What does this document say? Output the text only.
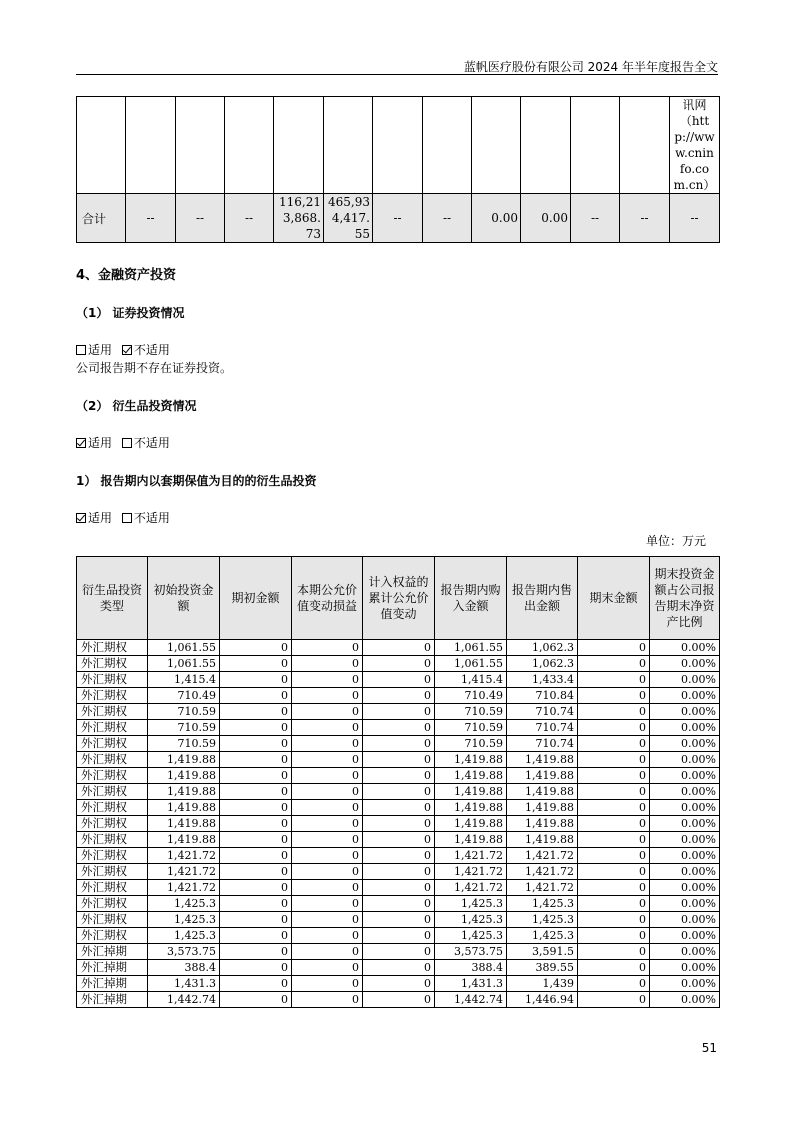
蓝帆医疗股份有限公司 2024 年半年度报告全文
												讯网（http://www.cninfo.com.cn）
合计	--	--	--	116,213,868.73	465,934,417.55	--	--	0.00	0.00	--	--	--
4、金融资产投资
（1） 证券投资情况
适用 不适用
公司报告期不存在证券投资。
（2） 衍生品投资情况
适用 不适用
1） 报告期内以套期保值为目的的衍生品投资
适用 不适用
单位：万元
衍生品投资类型	初始投资金额	期初金额	本期公允价值变动损益	计入权益的累计公允价值变动	报告期内购入金额	报告期内售出金额	期末金额	期末投资金额占公司报告期末净资产比例
外汇期权	1,061.55	0	0	0	1,061.55	1,062.3	0	0.00%
外汇期权	1,061.55	0	0	0	1,061.55	1,062.3	0	0.00%
外汇期权	1,415.4	0	0	0	1,415.4	1,433.4	0	0.00%
外汇期权	710.49	0	0	0	710.49	710.84	0	0.00%
外汇期权	710.59	0	0	0	710.59	710.74	0	0.00%
外汇期权	710.59	0	0	0	710.59	710.74	0	0.00%
外汇期权	710.59	0	0	0	710.59	710.74	0	0.00%
外汇期权	1,419.88	0	0	0	1,419.88	1,419.88	0	0.00%
外汇期权	1,419.88	0	0	0	1,419.88	1,419.88	0	0.00%
外汇期权	1,419.88	0	0	0	1,419.88	1,419.88	0	0.00%
外汇期权	1,419.88	0	0	0	1,419.88	1,419.88	0	0.00%
外汇期权	1,419.88	0	0	0	1,419.88	1,419.88	0	0.00%
外汇期权	1,419.88	0	0	0	1,419.88	1,419.88	0	0.00%
外汇期权	1,421.72	0	0	0	1,421.72	1,421.72	0	0.00%
外汇期权	1,421.72	0	0	0	1,421.72	1,421.72	0	0.00%
外汇期权	1,421.72	0	0	0	1,421.72	1,421.72	0	0.00%
外汇期权	1,425.3	0	0	0	1,425.3	1,425.3	0	0.00%
外汇期权	1,425.3	0	0	0	1,425.3	1,425.3	0	0.00%
外汇期权	1,425.3	0	0	0	1,425.3	1,425.3	0	0.00%
外汇掉期	3,573.75	0	0	0	3,573.75	3,591.5	0	0.00%
外汇掉期	388.4	0	0	0	388.4	389.55	0	0.00%
外汇掉期	1,431.3	0	0	0	1,431.3	1,439	0	0.00%
外汇掉期	1,442.74	0	0	0	1,442.74	1,446.94	0	0.00%
51
